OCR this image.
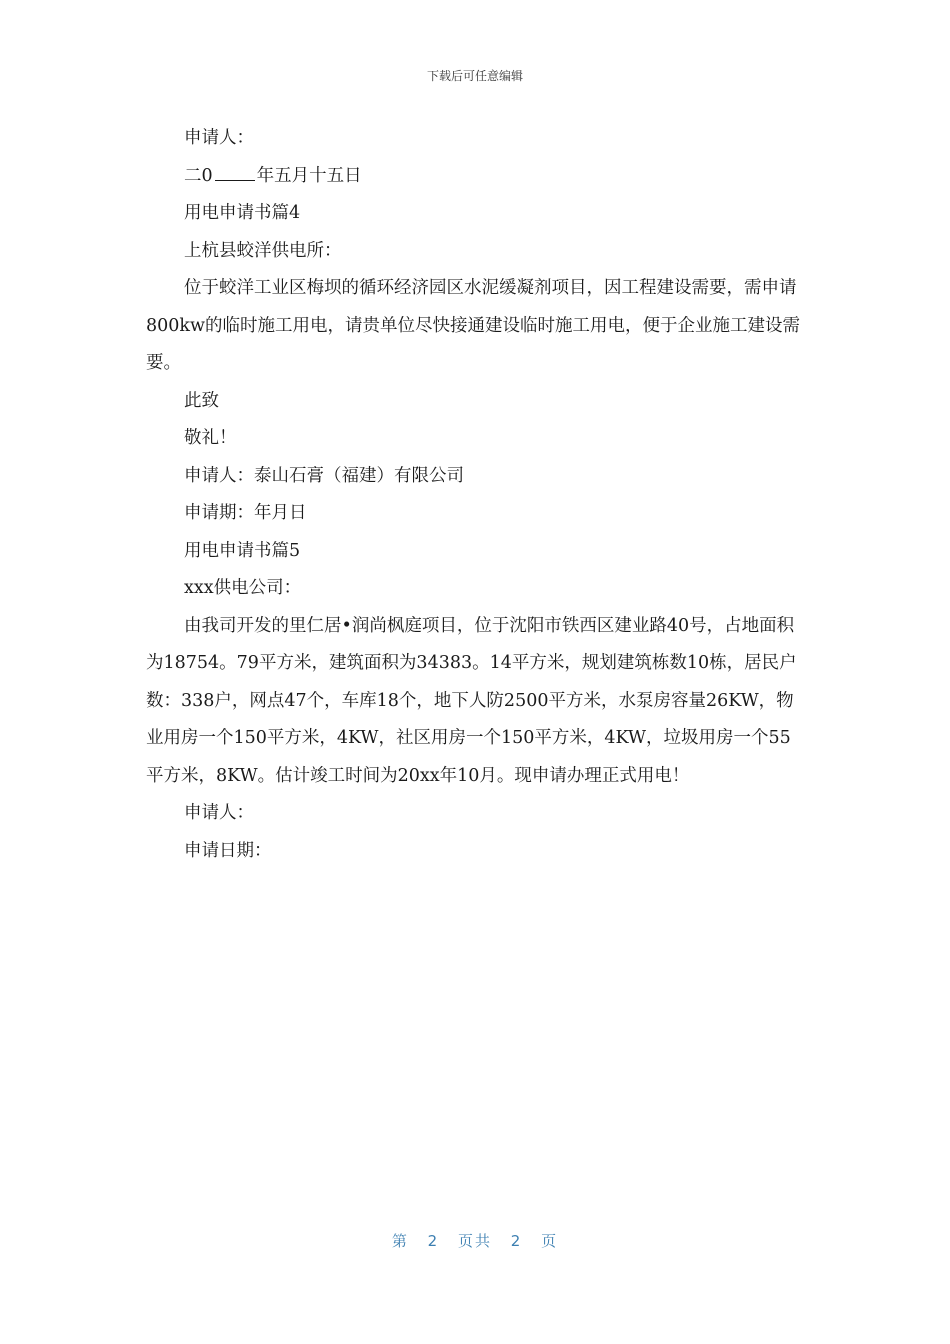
下载后可任意编辑
申请人：
二0	年五月十五日
用电申请书篇4
上杭县蛟洋供电所：

位于蛟洋工业区梅坝的循环经济园区水泥缓凝剂项目，因工程建设需要，需申请800kw的临时施工用电，请贵单位尽快接通建设临时施工用电，便于企业施工建设需要。

此致
敬礼！
申请人：泰山石膏（福建）有限公司
申请期：年月日
用电申请书篇5
xxx供电公司：

由我司开发的里仁居•润尚枫庭项目，位于沈阳市铁西区建业路40号，占地面积为18754。79平方米，建筑面积为34383。14平方米，规划建筑栋数10栋，居民户数：338户，网点47个，车库18个，地下人防2500平方米，水泵房容量26KW，物业用房一个150平方米，4KW，社区用房一个150平方米，4KW，垃圾用房一个55平方米，8KW。估计竣工时间为20xx年10月。现申请办理正式用电！

申请人：
申请日期：
第 2 页共 2 页
